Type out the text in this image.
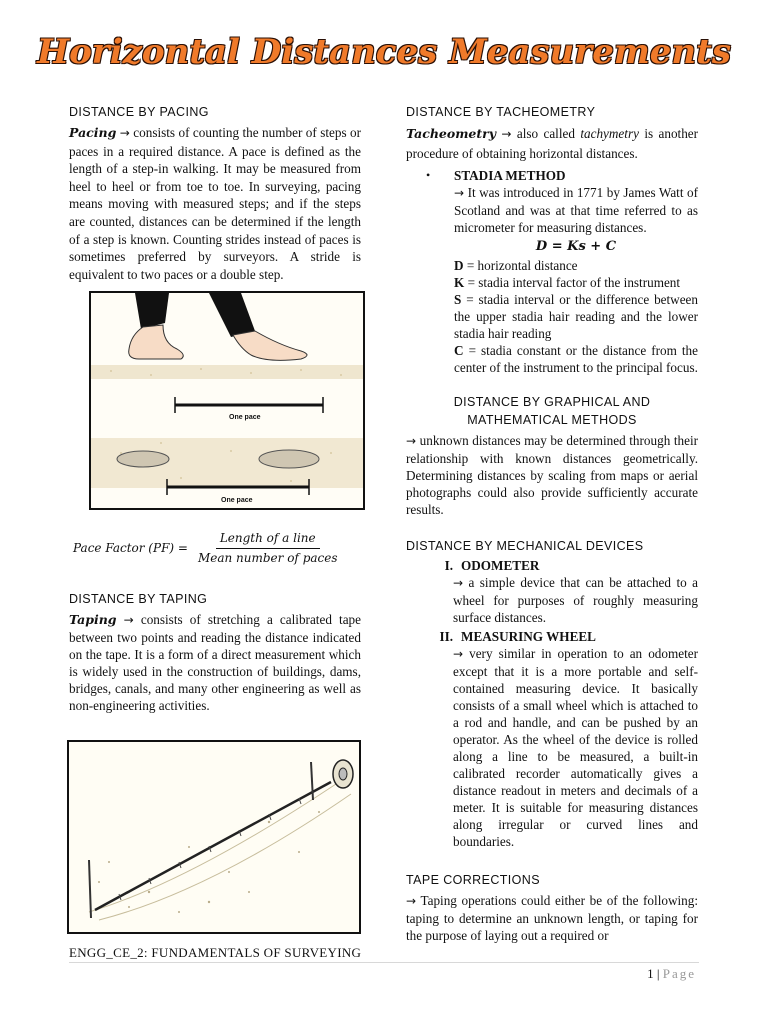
Horizontal Distances Measurements
DISTANCE BY PACING

Pacing → consists of counting the number of steps or paces in a required distance. A pace is defined as the length of a step-in walking. It may be measured from heel to heel or from toe to toe. In surveying, pacing means moving with measured steps; and if the steps are counted, distances can be determined if the length of a step is known. Counting strides instead of paces is sometimes preferred by surveyors. A stride is equivalent to two paces or a double step.

One pace
One pace
Pace Factor $(PF) = \frac{\text{Length of a line}}{\text{Mean number of paces}}$
DISTANCE BY TAPING

Taping → consists of stretching a calibrated tape between two points and reading the distance indicated on the tape. It is a form of a direct measurement which is widely used in the construction of buildings, dams, bridges, canals, and many other engineering as well as non-engineering activities.

DISTANCE BY TACHEOMETRY

Tacheometry → also called tachymetry is another procedure of obtaining horizontal distances.

•	STADIA METHOD

→ It was introduced in 1771 by James Watt of Scotland and was at that time referred to as micrometer for measuring distances.

D = Ks + C
D = horizontal distance
K = stadia interval factor of the instrument
S = stadia interval or the difference between the upper stadia hair reading and the lower stadia hair reading
C = stadia constant or the distance from the center of the instrument to the principal focus.
DISTANCE BY GRAPHICAL AND
MATHEMATICAL METHODS

→ unknown distances may be determined through their relationship with known distances geometrically. Determining distances by scaling from maps or aerial photographs could also provide sufficiently accurate results.

DISTANCE BY MECHANICAL DEVICES
I. ODOMETER

→ a simple device that can be attached to a wheel for purposes of roughly measuring surface distances.

II. MEASURING WHEEL

→ very similar in operation to an odometer except that it is a more portable and self-contained measuring device. It basically consists of a small wheel which is attached to a rod and handle, and can be pushed by an operator. As the wheel of the device is rolled along a line to be measured, a built-in calibrated recorder automatically gives a distance readout in meters and decimals of a meter. It is suitable for measuring distances along irregular or curved lines and boundaries.

TAPE CORRECTIONS

→ Taping operations could either be of the following: taping to determine an unknown length, or taping for the purpose of laying out a required or

ENGG_CE_2: FUNDAMENTALS OF SURVEYING
1 | Page
